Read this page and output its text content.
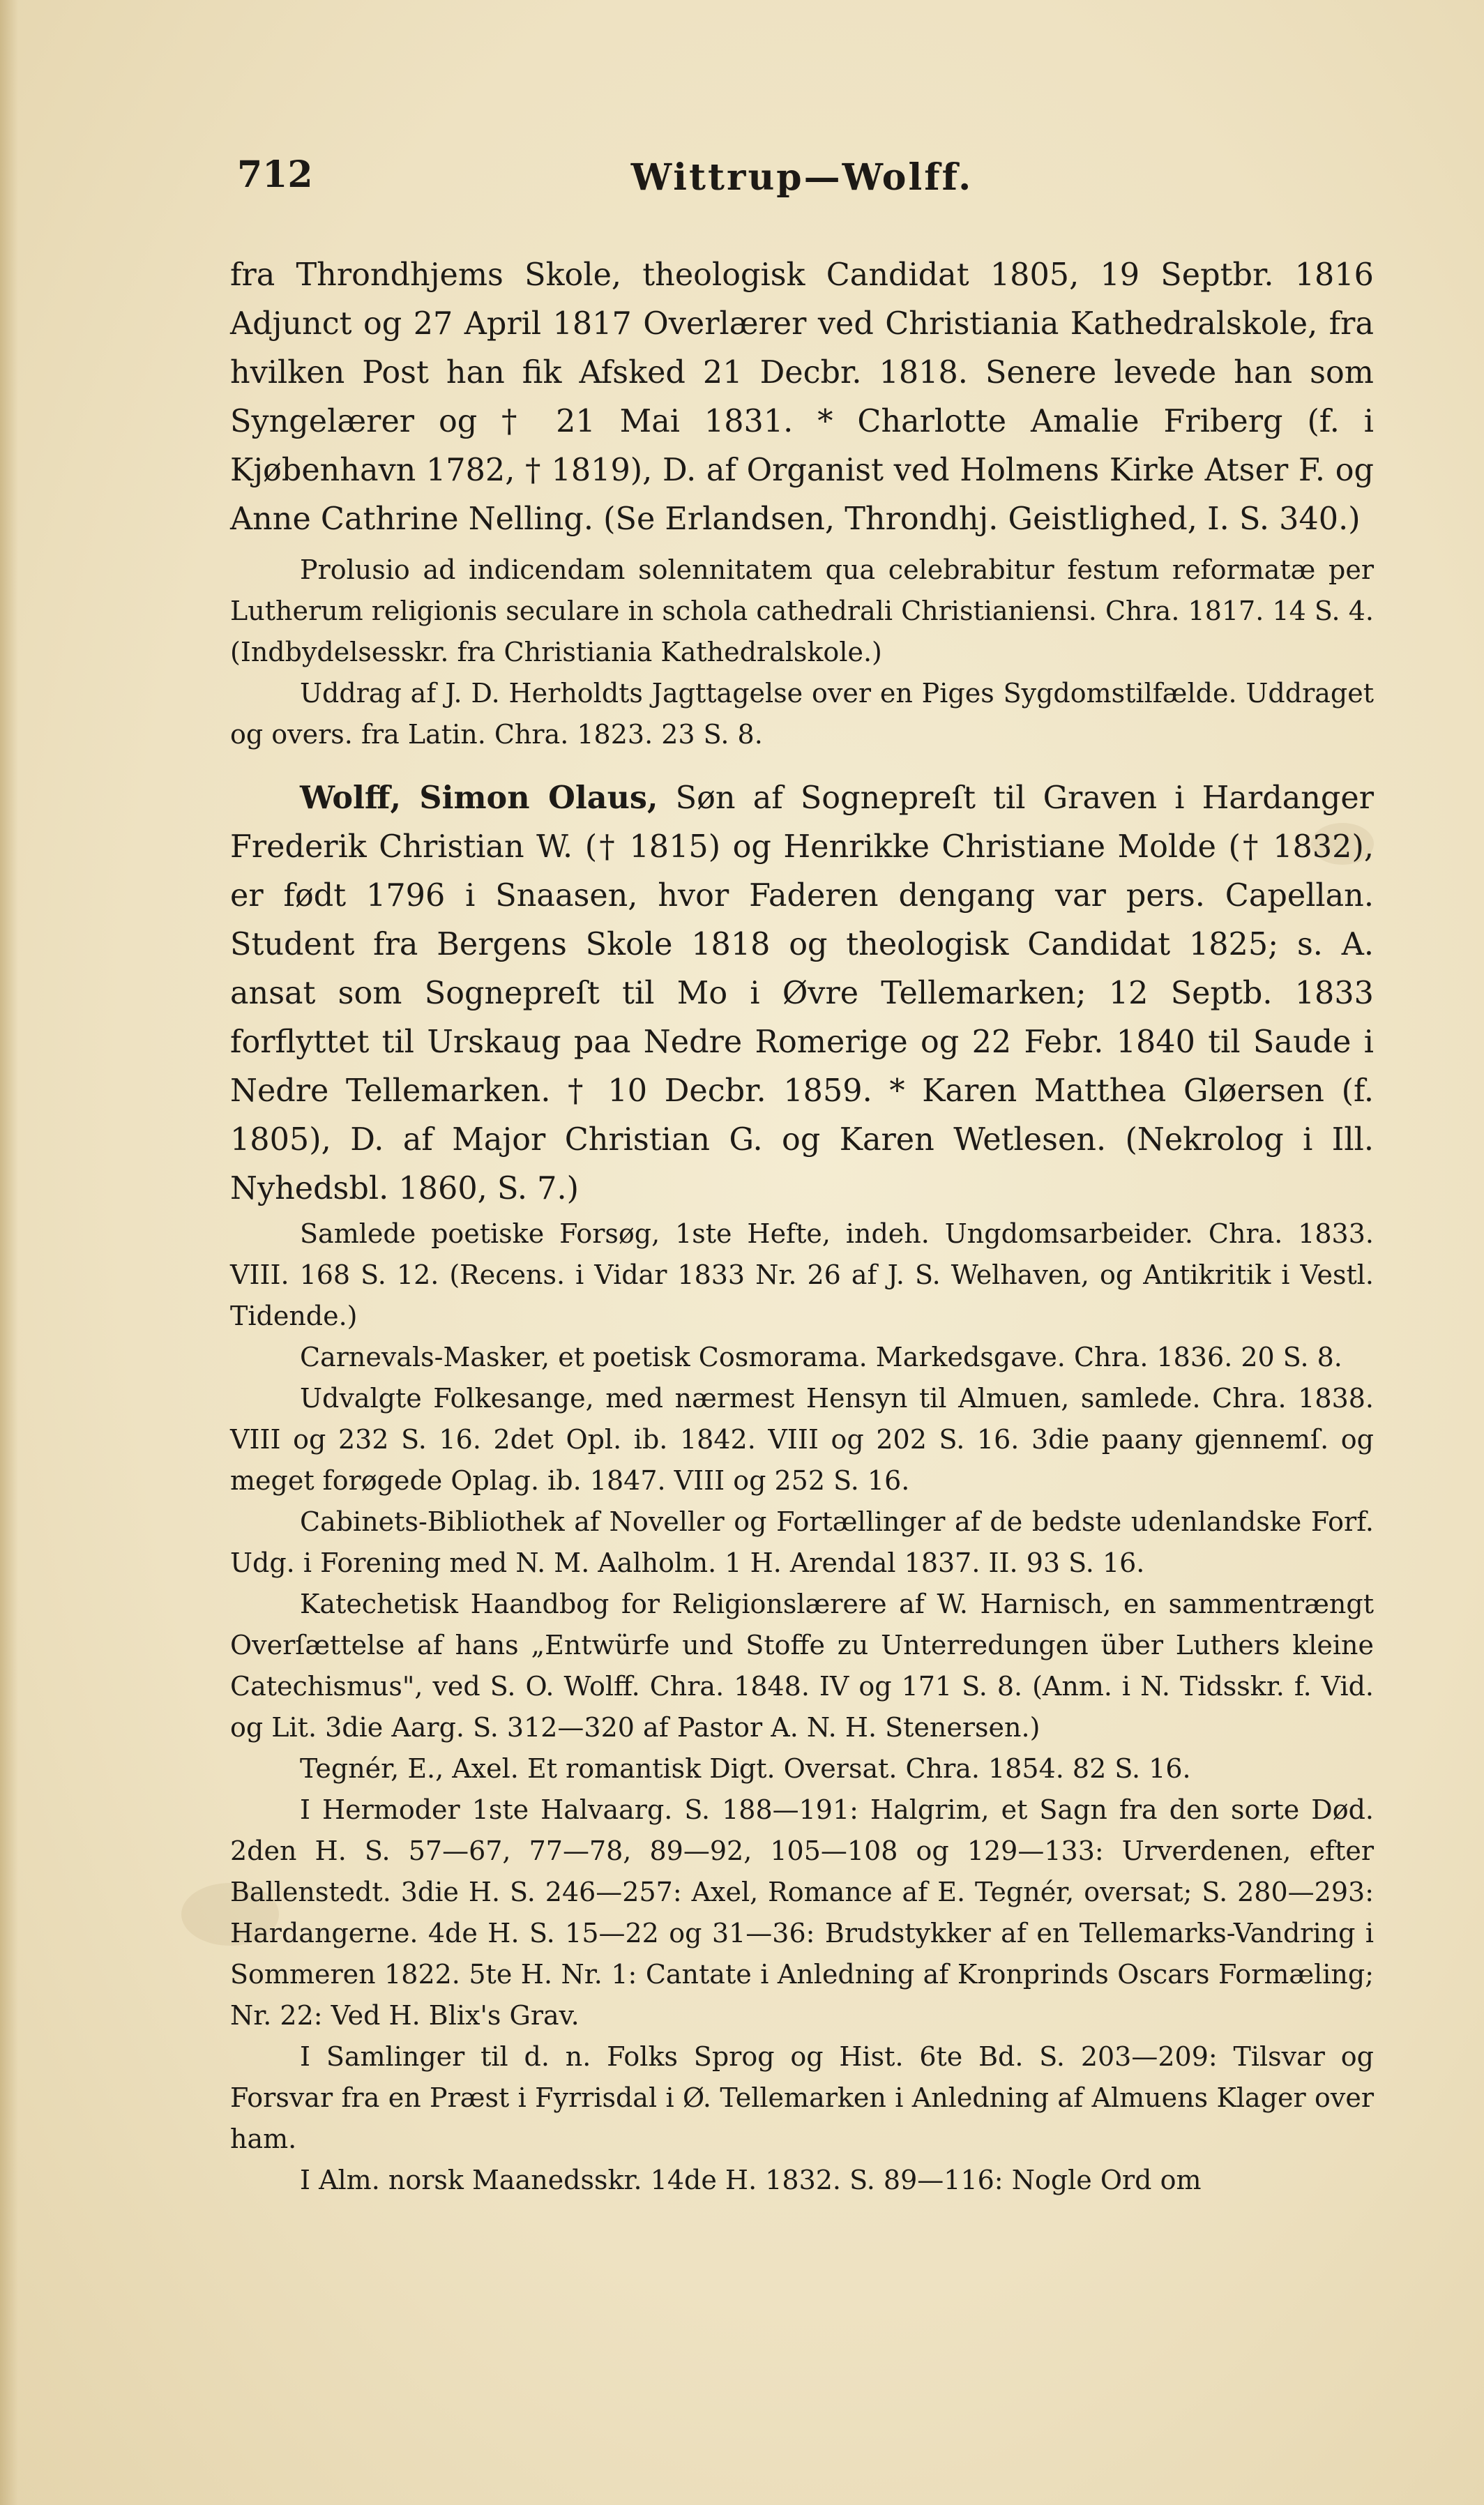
712	Wittrup—Wolff.

fra Throndhjems Skole, theologisk Candidat 1805, 19 Septbr. 1816 Adjunct og 27 April 1817 Overlærer ved Christiania Kathedralskole, fra hvilken Post han fik Afsked 21 Decbr. 1818. Senere levede han som Syngelærer og † 21 Mai 1831. * Charlotte Amalie Friberg (f. i Kjøbenhavn 1782, † 1819), D. af Organist ved Holmens Kirke Atser F. og Anne Cathrine Nelling. (Se Erlandsen, Throndhj. Geistlighed, I. S. 340.)

Prolusio ad indicendam solennitatem qua celebrabitur festum reformatæ per Lutherum religionis seculare in schola cathedrali Christianiensi. Chra. 1817. 14 S. 4. (Indbydelsesskr. fra Christiania Kathedralskole.)

Uddrag af J. D. Herholdts Jagttagelse over en Piges Sygdomstilfælde. Uddraget og overs. fra Latin. Chra. 1823. 23 S. 8.

Wolff, Simon Olaus, Søn af Sognepreſt til Graven i Hardanger Frederik Christian W. († 1815) og Henrikke Christiane Molde († 1832), er født 1796 i Snaasen, hvor Faderen dengang var pers. Capellan. Student fra Bergens Skole 1818 og theologisk Candidat 1825; s. A. ansat som Sognepreſt til Mo i Øvre Tellemarken; 12 Septb. 1833 forflyttet til Urskaug paa Nedre Romerige og 22 Febr. 1840 til Saude i Nedre Tellemarken. † 10 Decbr. 1859. * Karen Matthea Gløersen (f. 1805), D. af Major Christian G. og Karen Wetlesen. (Nekrolog i Ill. Nyhedsbl. 1860, S. 7.)

Samlede poetiske Forsøg, 1ste Hefte, indeh. Ungdomsarbeider. Chra. 1833. VIII. 168 S. 12. (Recens. i Vidar 1833 Nr. 26 af J. S. Welhaven, og Antikritik i Vestl. Tidende.)

Carnevals-Masker, et poetisk Cosmorama. Markedsgave. Chra. 1836. 20 S. 8.

Udvalgte Folkesange, med nærmest Hensyn til Almuen, samlede. Chra. 1838. VIII og 232 S. 16. 2det Opl. ib. 1842. VIII og 202 S. 16. 3die paany gjennemſ. og meget forøgede Oplag. ib. 1847. VIII og 252 S. 16.

Cabinets-Bibliothek af Noveller og Fortællinger af de bedste udenlandske Forf. Udg. i Forening med N. M. Aalholm. 1 H. Arendal 1837. II. 93 S. 16.

Katechetisk Haandbog for Religionslærere af W. Harnisch, en sammentrængt Overſættelse af hans „Entwürfe und Stoffe zu Unterredungen über Luthers kleine Catechismus", ved S. O. Wolff. Chra. 1848. IV og 171 S. 8. (Anm. i N. Tidsskr. f. Vid. og Lit. 3die Aarg. S. 312—320 af Pastor A. N. H. Stenersen.)

Tegnér, E., Axel. Et romantisk Digt. Oversat. Chra. 1854. 82 S. 16.

I Hermoder 1ste Halvaarg. S. 188—191: Halgrim, et Sagn fra den sorte Død. 2den H. S. 57—67, 77—78, 89—92, 105—108 og 129—133: Urverdenen, efter Ballenstedt. 3die H. S. 246—257: Axel, Romance af E. Tegnér, oversat; S. 280—293: Hardangerne. 4de H. S. 15—22 og 31—36: Brudstykker af en Tellemarks-Vandring i Sommeren 1822. 5te H. Nr. 1: Cantate i Anledning af Kronprinds Oscars Formæling; Nr. 22: Ved H. Blix's Grav.

I Samlinger til d. n. Folks Sprog og Hist. 6te Bd. S. 203—209: Tilsvar og Forsvar fra en Præst i Fyrrisdal i Ø. Tellemarken i Anledning af Almuens Klager over ham.

I Alm. norsk Maanedsskr. 14de H. 1832. S. 89—116: Nogle Ord om
